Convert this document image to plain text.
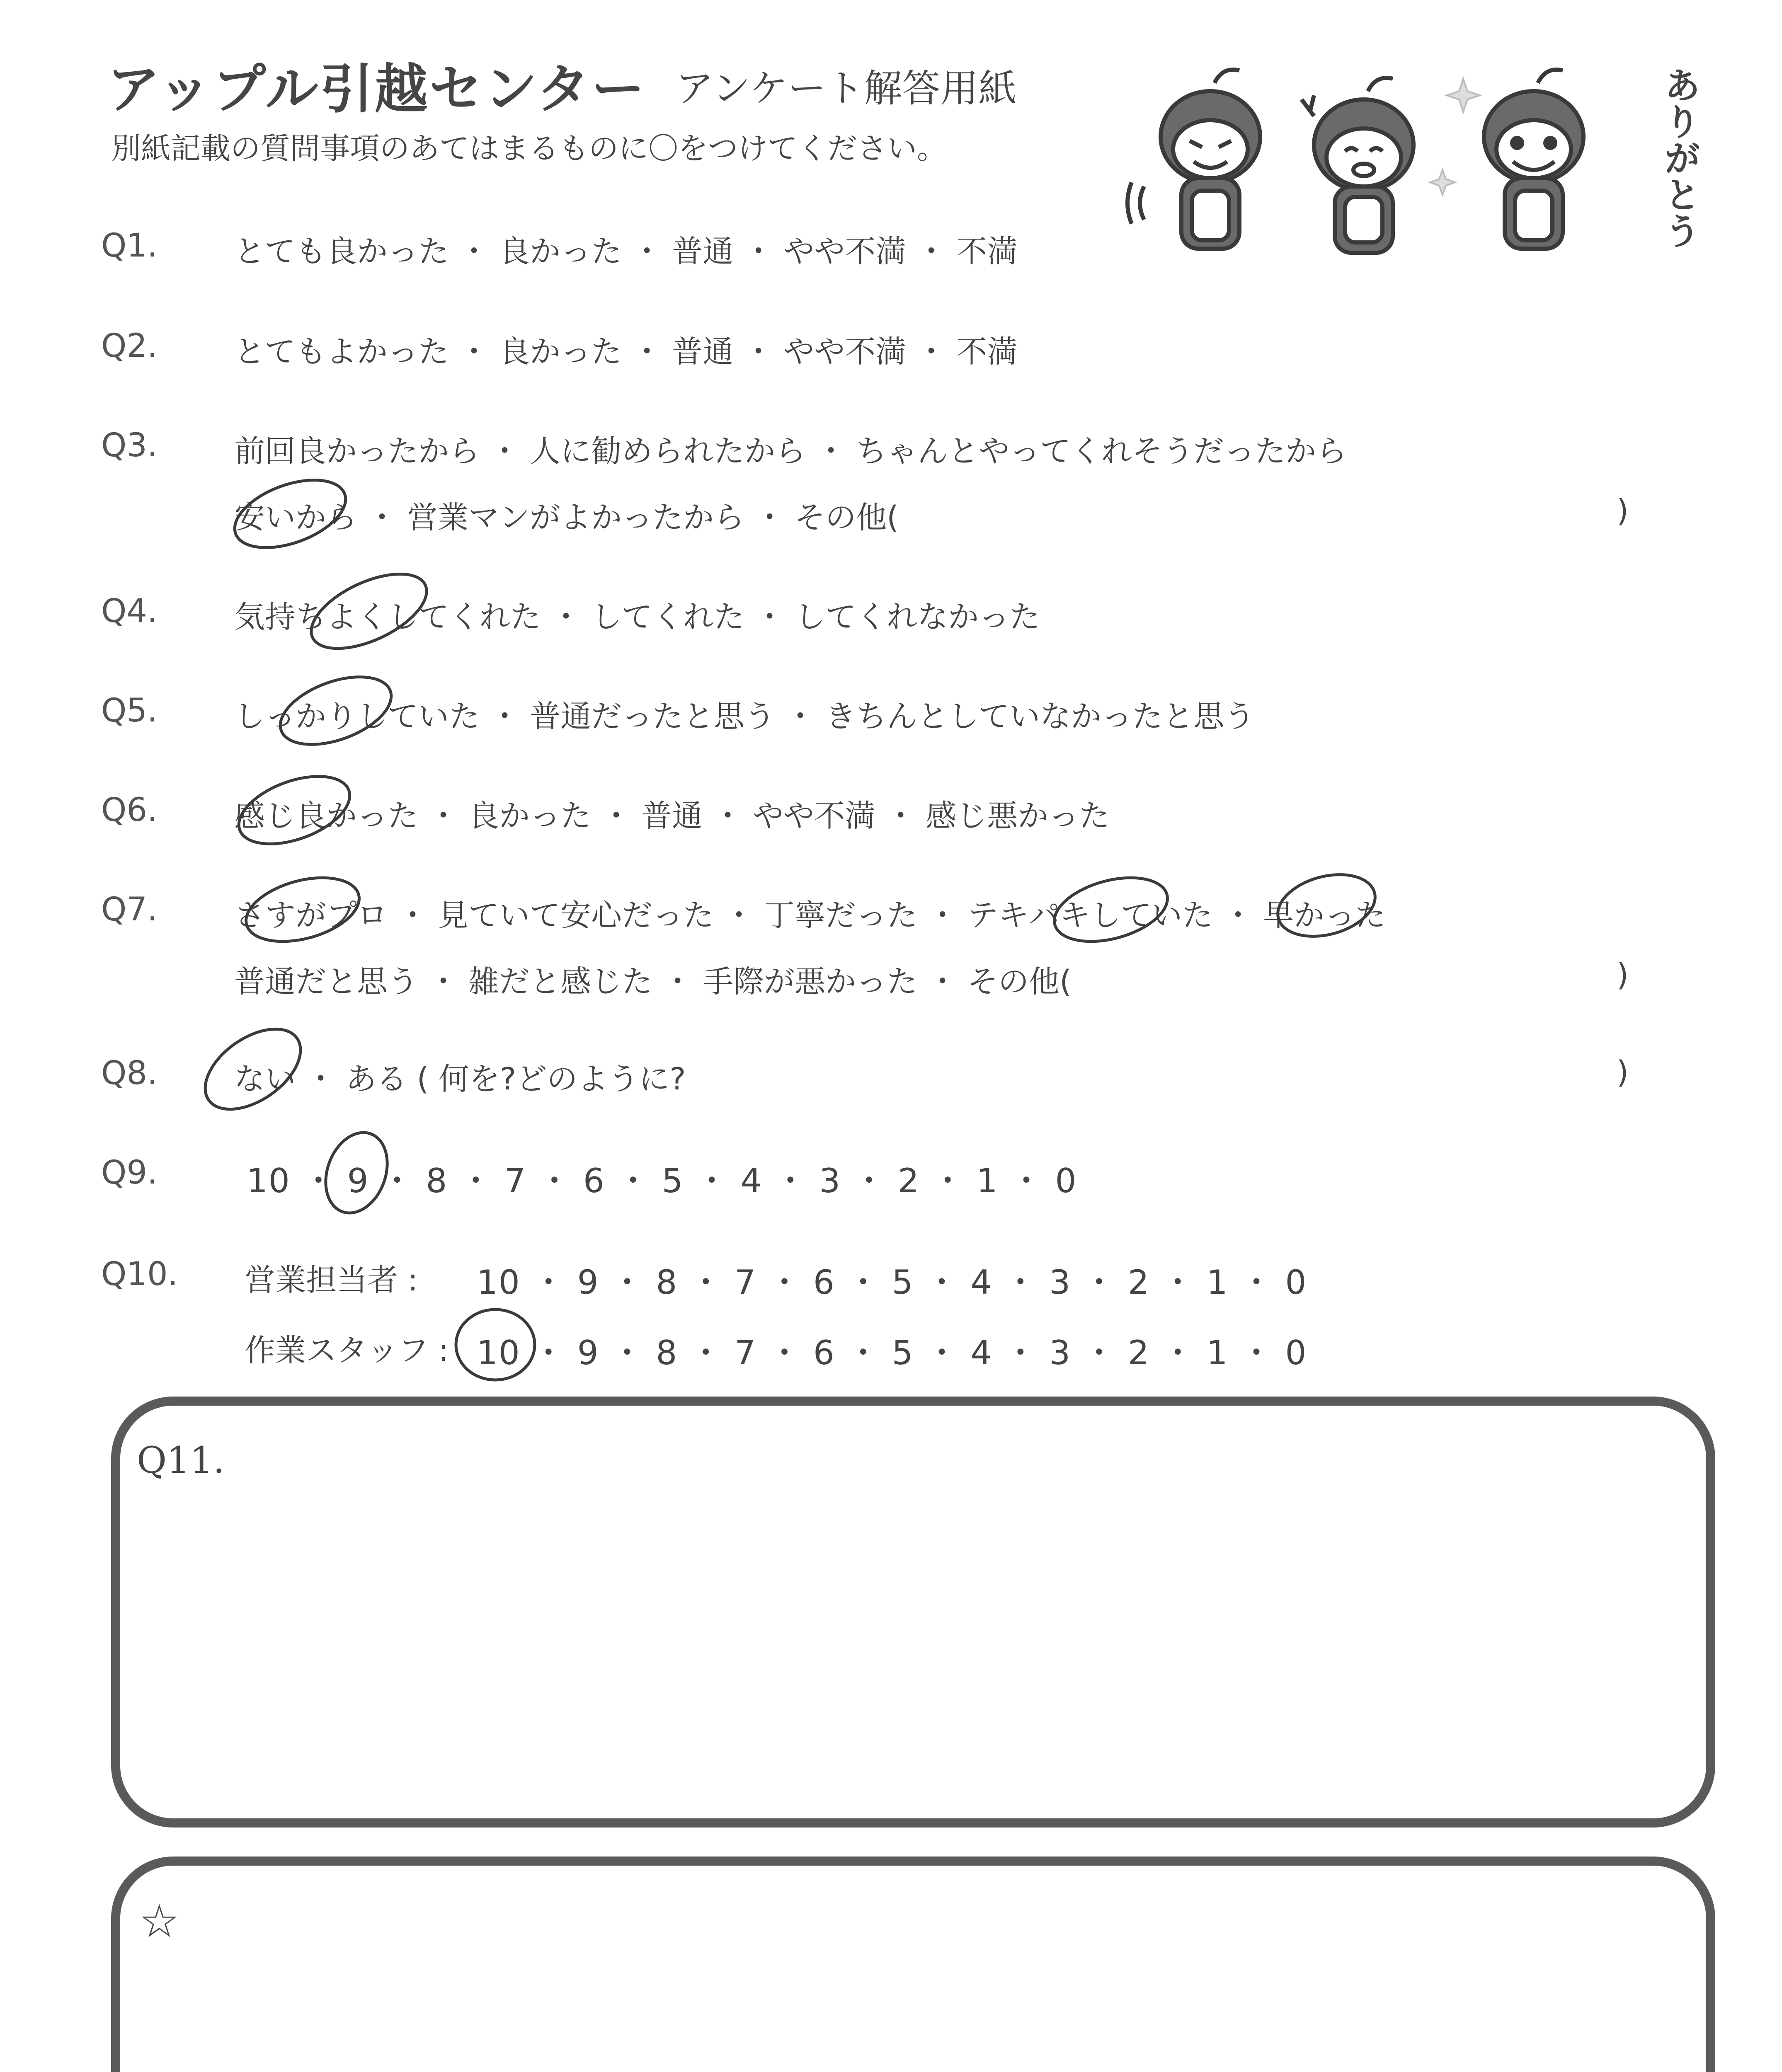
アップル引越センター アンケート解答用紙
別紙記載の質問事項のあてはまるものに〇をつけてください。	ありがとう
Q1.	とても良かった ・ 良かった ・ 普通 ・ やや不満 ・ 不満
Q2.	とてもよかった ・ 良かった ・ 普通 ・ やや不満 ・ 不満
Q3.	前回良かったから ・ 人に勧められたから ・ ちゃんとやってくれそうだったから
安いから ・ 営業マンがよかったから ・ その他(	)
Q4.	気持ちよくしてくれた ・ してくれた ・ してくれなかった
Q5.	しっかりしていた ・ 普通だったと思う ・ きちんとしていなかったと思う
Q6.	感じ良かった ・ 良かった ・ 普通 ・ やや不満 ・ 感じ悪かった
Q7.	さすがプロ ・ 見ていて安心だった ・ 丁寧だった ・ テキパキしていた ・ 早かった
普通だと思う ・ 雑だと感じた ・ 手際が悪かった ・ その他(	)
Q8.	ない ・ ある ( 何を?どのように?	)
Q9.	10 ・ 9 ・ 8 ・ 7 ・ 6 ・ 5 ・ 4 ・ 3 ・ 2 ・ 1 ・ 0
Q10. 営業担当者 : 10 ・ 9 ・ 8 ・ 7 ・ 6 ・ 5 ・ 4 ・ 3 ・ 2 ・ 1 ・ 0
作業スタッフ : 10 ・ 9 ・ 8 ・ 7 ・ 6 ・ 5 ・ 4 ・ 3 ・ 2 ・ 1 ・ 0
Q11.
☆
